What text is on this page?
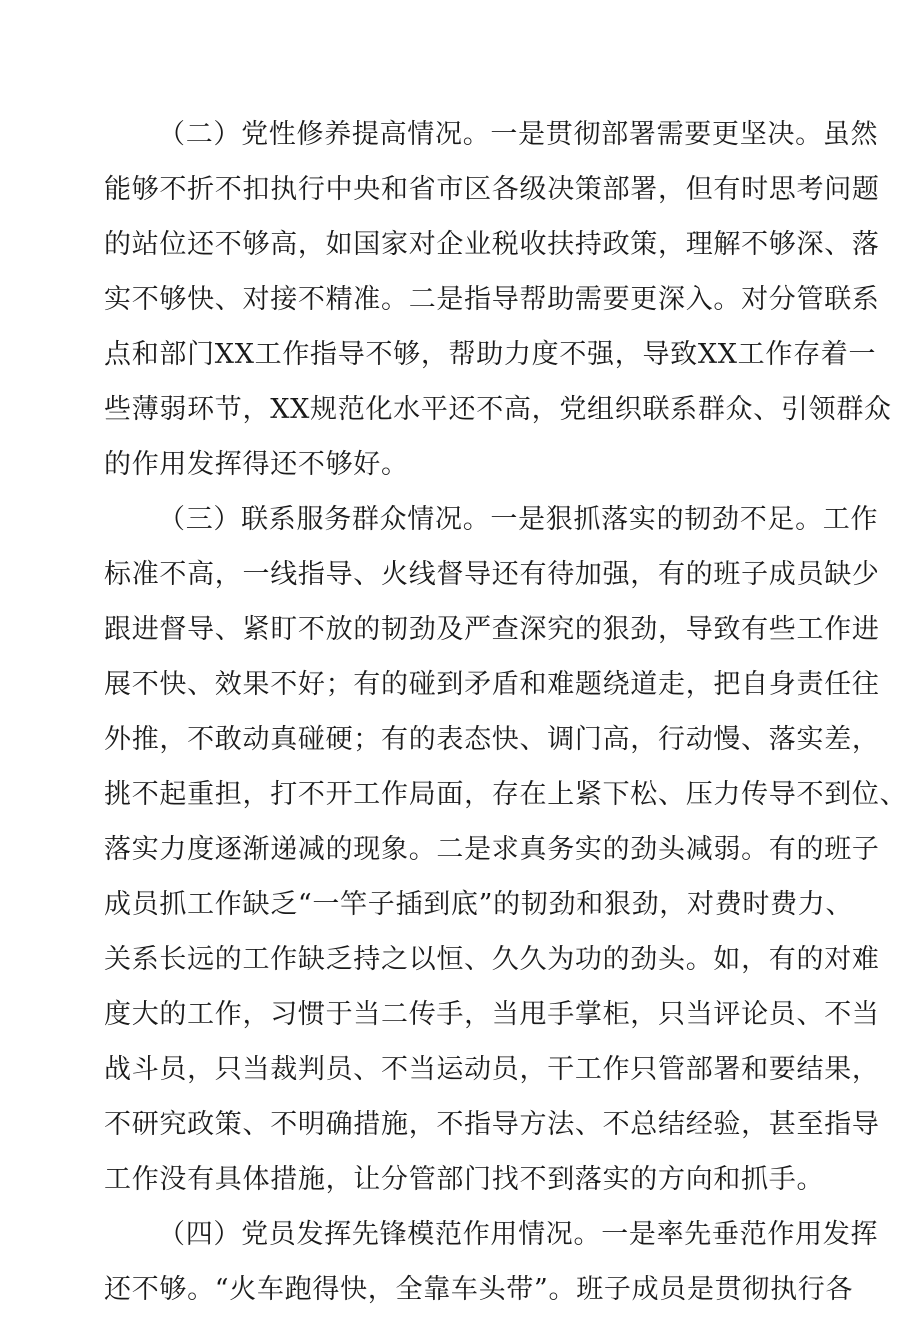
（二）党性修养提高情况。一是贯彻部署需要更坚决。虽然
能够不折不扣执行中央和省市区各级决策部署，但有时思考问题
的站位还不够高，如国家对企业税收扶持政策，理解不够深、落
实不够快、对接不精准。二是指导帮助需要更深入。对分管联系
点和部门XX工作指导不够，帮助力度不强，导致XX工作存着一
些薄弱环节，XX规范化水平还不高，党组织联系群众、引领群众
的作用发挥得还不够好。
（三）联系服务群众情况。一是狠抓落实的韧劲不足。工作
标准不高，一线指导、火线督导还有待加强，有的班子成员缺少
跟进督导、紧盯不放的韧劲及严查深究的狠劲，导致有些工作进
展不快、效果不好；有的碰到矛盾和难题绕道走，把自身责任往
外推，不敢动真碰硬；有的表态快、调门高，行动慢、落实差，
挑不起重担，打不开工作局面，存在上紧下松、压力传导不到位、
落实力度逐渐递减的现象。二是求真务实的劲头减弱。有的班子
成员抓工作缺乏“一竿子插到底”的韧劲和狠劲，对费时费力、
关系长远的工作缺乏持之以恒、久久为功的劲头。如，有的对难
度大的工作，习惯于当二传手，当甩手掌柜，只当评论员、不当
战斗员，只当裁判员、不当运动员，干工作只管部署和要结果，
不研究政策、不明确措施，不指导方法、不总结经验，甚至指导
工作没有具体措施，让分管部门找不到落实的方向和抓手。
（四）党员发挥先锋模范作用情况。一是率先垂范作用发挥
还不够。“火车跑得快，全靠车头带”。班子成员是贯彻执行各
